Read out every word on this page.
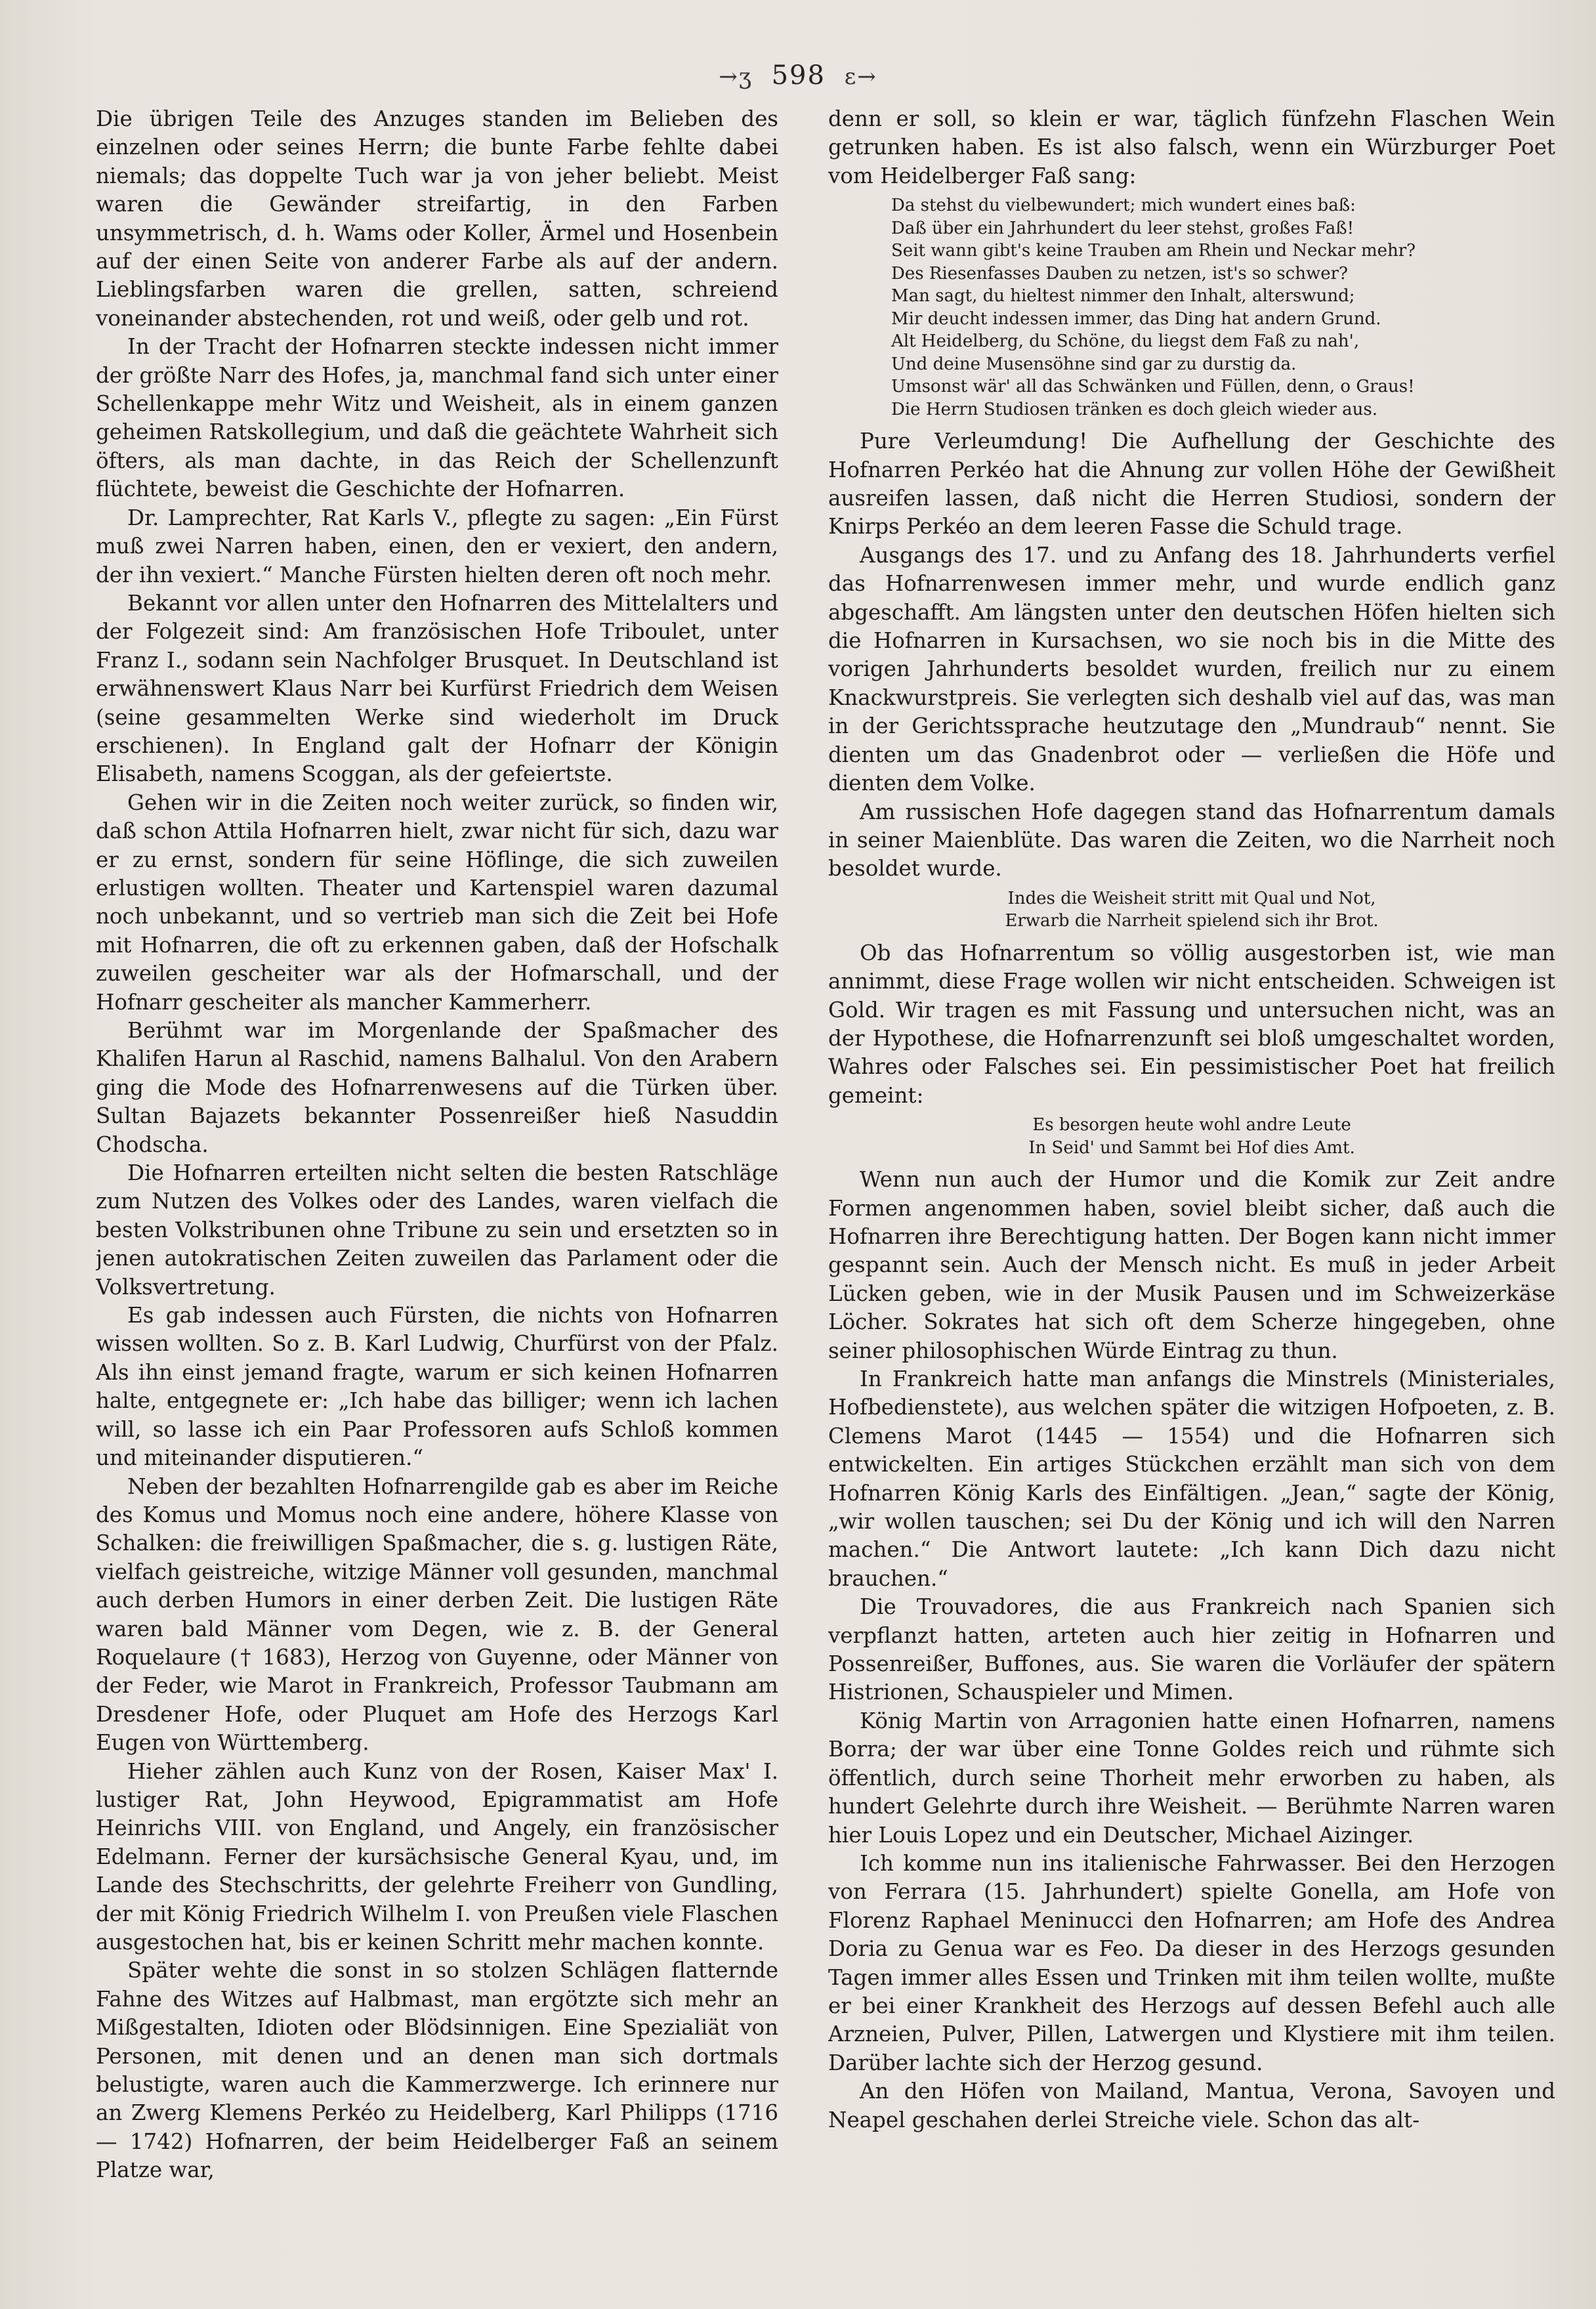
→ʒ 598 ɛ→

Die übrigen Teile des Anzuges standen im Belieben des einzelnen oder seines Herrn; die bunte Farbe fehlte dabei niemals; das doppelte Tuch war ja von jeher beliebt. Meist waren die Gewänder streifartig, in den Farben unsymmetrisch, d. h. Wams oder Koller, Ärmel und Hosenbein auf der einen Seite von anderer Farbe als auf der andern. Lieblingsfarben waren die grellen, satten, schreiend voneinander abstechenden, rot und weiß, oder gelb und rot.

In der Tracht der Hofnarren steckte indessen nicht immer der größte Narr des Hofes, ja, manchmal fand sich unter einer Schellenkappe mehr Witz und Weisheit, als in einem ganzen geheimen Ratskollegium, und daß die geächtete Wahrheit sich öfters, als man dachte, in das Reich der Schellenzunft flüchtete, beweist die Geschichte der Hofnarren.

Dr. Lamprechter, Rat Karls V., pflegte zu sagen: „Ein Fürst muß zwei Narren haben, einen, den er vexiert, den andern, der ihn vexiert.“ Manche Fürsten hielten deren oft noch mehr.

Bekannt vor allen unter den Hofnarren des Mittelalters und der Folgezeit sind: Am französischen Hofe Triboulet, unter Franz I., sodann sein Nachfolger Brusquet. In Deutschland ist erwähnenswert Klaus Narr bei Kurfürst Friedrich dem Weisen (seine gesammelten Werke sind wiederholt im Druck erschienen). In England galt der Hofnarr der Königin Elisabeth, namens Scoggan, als der gefeiertste.

Gehen wir in die Zeiten noch weiter zurück, so finden wir, daß schon Attila Hofnarren hielt, zwar nicht für sich, dazu war er zu ernst, sondern für seine Höflinge, die sich zuweilen erlustigen wollten. Theater und Kartenspiel waren dazumal noch unbekannt, und so vertrieb man sich die Zeit bei Hofe mit Hofnarren, die oft zu erkennen gaben, daß der Hofschalk zuweilen gescheiter war als der Hofmarschall, und der Hofnarr gescheiter als mancher Kammerherr.

Berühmt war im Morgenlande der Spaßmacher des Khalifen Harun al Raschid, namens Balhalul. Von den Arabern ging die Mode des Hofnarrenwesens auf die Türken über. Sultan Bajazets bekannter Possenreißer hieß Nasuddin Chodscha.

Die Hofnarren erteilten nicht selten die besten Ratschläge zum Nutzen des Volkes oder des Landes, waren vielfach die besten Volkstribunen ohne Tribune zu sein und ersetzten so in jenen autokratischen Zeiten zuweilen das Parlament oder die Volksvertretung.

Es gab indessen auch Fürsten, die nichts von Hofnarren wissen wollten. So z. B. Karl Ludwig, Churfürst von der Pfalz. Als ihn einst jemand fragte, warum er sich keinen Hofnarren halte, entgegnete er: „Ich habe das billiger; wenn ich lachen will, so lasse ich ein Paar Professoren aufs Schloß kommen und miteinander disputieren.“

Neben der bezahlten Hofnarrengilde gab es aber im Reiche des Komus und Momus noch eine andere, höhere Klasse von Schalken: die freiwilligen Spaßmacher, die s. g. lustigen Räte, vielfach geistreiche, witzige Männer voll gesunden, manchmal auch derben Humors in einer derben Zeit. Die lustigen Räte waren bald Männer vom Degen, wie z. B. der General Roquelaure († 1683), Herzog von Guyenne, oder Männer von der Feder, wie Marot in Frankreich, Professor Taubmann am Dresdener Hofe, oder Pluquet am Hofe des Herzogs Karl Eugen von Württemberg.

Hieher zählen auch Kunz von der Rosen, Kaiser Max' I. lustiger Rat, John Heywood, Epigrammatist am Hofe Heinrichs VIII. von England, und Angely, ein französischer Edelmann. Ferner der kursächsische General Kyau, und, im Lande des Stechschritts, der gelehrte Freiherr von Gundling, der mit König Friedrich Wilhelm I. von Preußen viele Flaschen ausgestochen hat, bis er keinen Schritt mehr machen konnte.

Später wehte die sonst in so stolzen Schlägen flatternde Fahne des Witzes auf Halbmast, man ergötzte sich mehr an Mißgestalten, Idioten oder Blödsinnigen. Eine Spezialiät von Personen, mit denen und an denen man sich dortmals belustigte, waren auch die Kammerzwerge. Ich erinnere nur an Zwerg Klemens Perkéo zu Heidelberg, Karl Philipps (1716 — 1742) Hofnarren, der beim Heidelberger Faß an seinem Platze war,

denn er soll, so klein er war, täglich fünfzehn Flaschen Wein getrunken haben. Es ist also falsch, wenn ein Würzburger Poet vom Heidelberger Faß sang:

Da stehst du vielbewundert; mich wundert eines baß:
Daß über ein Jahrhundert du leer stehst, großes Faß!
Seit wann gibt's keine Trauben am Rhein und Neckar mehr?
Des Riesenfasses Dauben zu netzen, ist's so schwer?
Man sagt, du hieltest nimmer den Inhalt, alterswund;
Mir deucht indessen immer, das Ding hat andern Grund.
Alt Heidelberg, du Schöne, du liegst dem Faß zu nah',
Und deine Musensöhne sind gar zu durstig da.
Umsonst wär' all das Schwänken und Füllen, denn, o Graus!
Die Herrn Studiosen tränken es doch gleich wieder aus.

Pure Verleumdung! Die Aufhellung der Geschichte des Hofnarren Perkéo hat die Ahnung zur vollen Höhe der Gewißheit ausreifen lassen, daß nicht die Herren Studiosi, sondern der Knirps Perkéo an dem leeren Fasse die Schuld trage.

Ausgangs des 17. und zu Anfang des 18. Jahrhunderts verfiel das Hofnarrenwesen immer mehr, und wurde endlich ganz abgeschafft. Am längsten unter den deutschen Höfen hielten sich die Hofnarren in Kursachsen, wo sie noch bis in die Mitte des vorigen Jahrhunderts besoldet wurden, freilich nur zu einem Knackwurstpreis. Sie verlegten sich deshalb viel auf das, was man in der Gerichtssprache heutzutage den „Mundraub“ nennt. Sie dienten um das Gnadenbrot oder — verließen die Höfe und dienten dem Volke.

Am russischen Hofe dagegen stand das Hofnarrentum damals in seiner Maienblüte. Das waren die Zeiten, wo die Narrheit noch besoldet wurde.

Indes die Weisheit stritt mit Qual und Not,
Erwarb die Narrheit spielend sich ihr Brot.

Ob das Hofnarrentum so völlig ausgestorben ist, wie man annimmt, diese Frage wollen wir nicht entscheiden. Schweigen ist Gold. Wir tragen es mit Fassung und untersuchen nicht, was an der Hypothese, die Hofnarrenzunft sei bloß umgeschaltet worden, Wahres oder Falsches sei. Ein pessimistischer Poet hat freilich gemeint:

Es besorgen heute wohl andre Leute
In Seid' und Sammt bei Hof dies Amt.

Wenn nun auch der Humor und die Komik zur Zeit andre Formen angenommen haben, soviel bleibt sicher, daß auch die Hofnarren ihre Berechtigung hatten. Der Bogen kann nicht immer gespannt sein. Auch der Mensch nicht. Es muß in jeder Arbeit Lücken geben, wie in der Musik Pausen und im Schweizerkäse Löcher. Sokrates hat sich oft dem Scherze hingegeben, ohne seiner philosophischen Würde Eintrag zu thun.

In Frankreich hatte man anfangs die Minstrels (Ministeriales, Hofbedienstete), aus welchen später die witzigen Hofpoeten, z. B. Clemens Marot (1445 — 1554) und die Hofnarren sich entwickelten. Ein artiges Stückchen erzählt man sich von dem Hofnarren König Karls des Einfältigen. „Jean,“ sagte der König, „wir wollen tauschen; sei Du der König und ich will den Narren machen.“ Die Antwort lautete: „Ich kann Dich dazu nicht brauchen.“

Die Trouvadores, die aus Frankreich nach Spanien sich verpflanzt hatten, arteten auch hier zeitig in Hofnarren und Possenreißer, Buffones, aus. Sie waren die Vorläufer der spätern Histrionen, Schauspieler und Mimen.

König Martin von Arragonien hatte einen Hofnarren, namens Borra; der war über eine Tonne Goldes reich und rühmte sich öffentlich, durch seine Thorheit mehr erworben zu haben, als hundert Gelehrte durch ihre Weisheit. — Berühmte Narren waren hier Louis Lopez und ein Deutscher, Michael Aizinger.

Ich komme nun ins italienische Fahrwasser. Bei den Herzogen von Ferrara (15. Jahrhundert) spielte Gonella, am Hofe von Florenz Raphael Meninucci den Hofnarren; am Hofe des Andrea Doria zu Genua war es Feo. Da dieser in des Herzogs gesunden Tagen immer alles Essen und Trinken mit ihm teilen wollte, mußte er bei einer Krankheit des Herzogs auf dessen Befehl auch alle Arzneien, Pulver, Pillen, Latwergen und Klystiere mit ihm teilen. Darüber lachte sich der Herzog gesund.

An den Höfen von Mailand, Mantua, Verona, Savoyen und Neapel geschahen derlei Streiche viele. Schon das alt-
